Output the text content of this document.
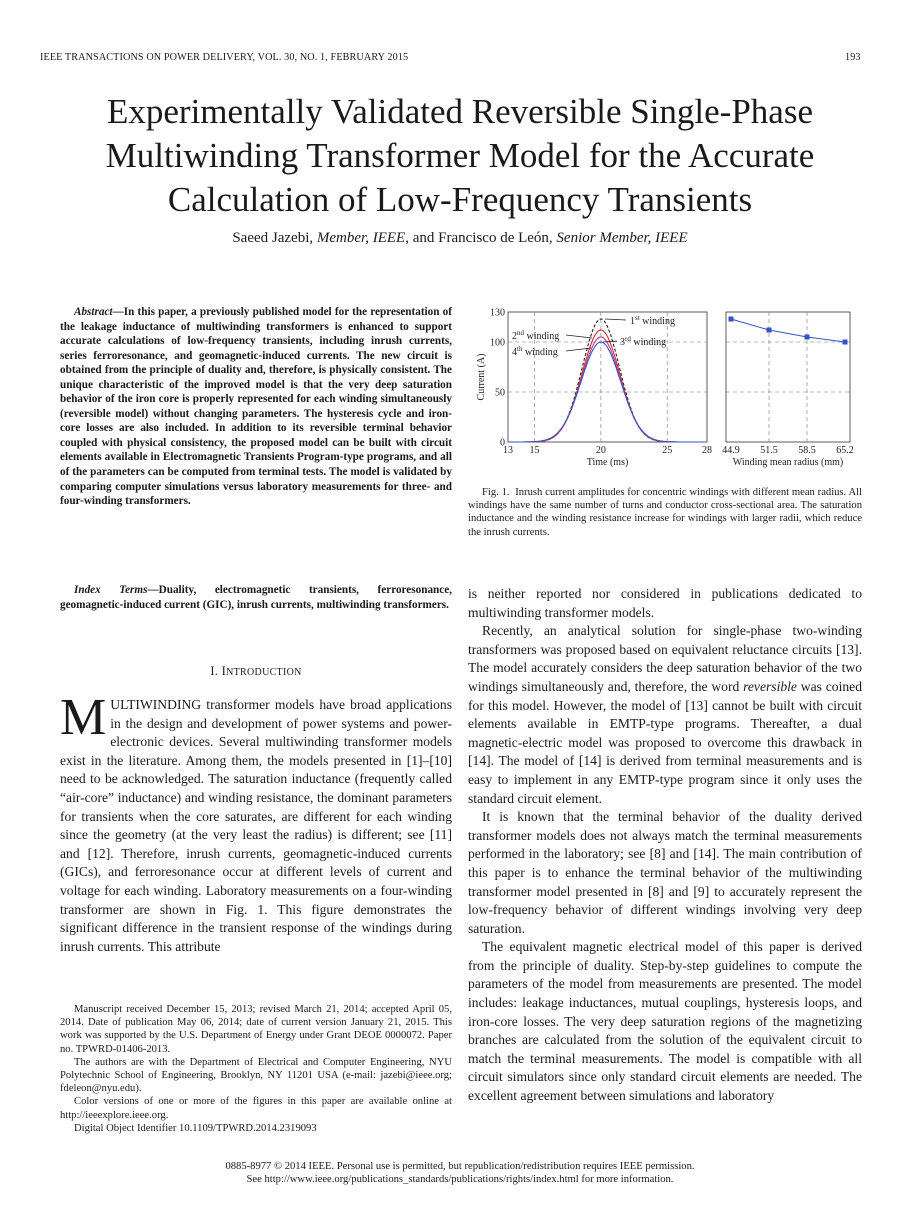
IEEE TRANSACTIONS ON POWER DELIVERY, VOL. 30, NO. 1, FEBRUARY 2015	193
Experimentally Validated Reversible Single-Phase
Multiwinding Transformer Model for the Accurate
Calculation of Low-Frequency Transients
Saeed Jazebi, Member, IEEE, and Francisco de León, Senior Member, IEEE
Abstract—In this paper, a previously published model for the representation of the leakage inductance of multiwinding transformers is enhanced to support accurate calculations of low-frequency transients, including inrush currents, series ferroresonance, and geomagnetic-induced currents. The new circuit is obtained from the principle of duality and, therefore, is physically consistent. The unique characteristic of the improved model is that the very deep saturation behavior of the iron core is properly represented for each winding simultaneously (reversible model) without changing parameters. The hysteresis cycle and iron-core losses are also included. In addition to its reversible terminal behavior coupled with physical consistency, the proposed model can be built with circuit elements available in Electromagnetic Transients Program-type programs, and all of the parameters can be computed from terminal tests. The model is validated by comparing computer simulations versus laboratory measurements for three- and four-winding transformers.
Index Terms—Duality, electromagnetic transients, ferroresonance, geomagnetic-induced current (GIC), inrush currents, multiwinding transformers.
I. INTRODUCTION
MULTIWINDING transformer models have broad applications in the design and development of power systems and power-electronic devices. Several multiwinding transformer models exist in the literature. Among them, the models presented in [1]–[10] need to be acknowledged. The saturation inductance (frequently called “air-core” inductance) and winding resistance, the dominant parameters for transients when the core saturates, are different for each winding since the geometry (at the very least the radius) is different; see [11] and [12]. Therefore, inrush currents, geomagnetic-induced currents (GICs), and ferroresonance occur at different levels of current and voltage for each winding. Laboratory measurements on a four-winding transformer are shown in Fig. 1. This figure demonstrates the significant difference in the transient response of the windings during inrush currents. This attribute

Manuscript received December 15, 2013; revised March 21, 2014; accepted April 05, 2014. Date of publication May 06, 2014; date of current version January 21, 2015. This work was supported by the U.S. Department of Energy under Grant DEOE 0000072. Paper no. TPWRD-01406-2013.

The authors are with the Department of Electrical and Computer Engineering, NYU Polytechnic School of Engineering, Brooklyn, NY 11201 USA (e-mail: jazebi@ieee.org; fdeleon@nyu.edu).

Color versions of one or more of the figures in this paper are available online at http://ieeexplore.ieee.org.

Digital Object Identifier 10.1109/TPWRD.2014.2319093

13 15	20	25	28
0
50
100
130
Time (ms)
Current (A)
1st winding
2nd winding
3rd winding
4th winding
44.9 51.5 58.5 65.2
Winding mean radius (mm)
Fig. 1. Inrush current amplitudes for concentric windings with different mean radius. All windings have the same number of turns and conductor cross-sectional area. The saturation inductance and the winding resistance increase for windings with larger radii, which reduce the inrush currents.

is neither reported nor considered in publications dedicated to multiwinding transformer models.

Recently, an analytical solution for single-phase two-winding transformers was proposed based on equivalent reluctance circuits [13]. The model accurately considers the deep saturation behavior of the two windings simultaneously and, therefore, the word reversible was coined for this model. However, the model of [13] cannot be built with circuit elements available in EMTP-type programs. Thereafter, a dual magnetic-electric model was proposed to overcome this drawback in [14]. The model of [14] is derived from terminal measurements and is easy to implement in any EMTP-type program since it only uses the standard circuit element.

It is known that the terminal behavior of the duality derived transformer models does not always match the terminal measurements performed in the laboratory; see [8] and [14]. The main contribution of this paper is to enhance the terminal behavior of the multiwinding transformer model presented in [8] and [9] to accurately represent the low-frequency behavior of different windings involving very deep saturation.

The equivalent magnetic electrical model of this paper is derived from the principle of duality. Step-by-step guidelines to compute the parameters of the model from measurements are presented. The model includes: leakage inductances, mutual couplings, hysteresis loops, and iron-core losses. The very deep saturation regions of the magnetizing branches are calculated from the solution of the equivalent circuit to match the terminal measurements. The model is compatible with all circuit simulators since only standard circuit elements are needed. The excellent agreement between simulations and laboratory

0885-8977 © 2014 IEEE. Personal use is permitted, but republication/redistribution requires IEEE permission.
See http://www.ieee.org/publications_standards/publications/rights/index.html for more information.
